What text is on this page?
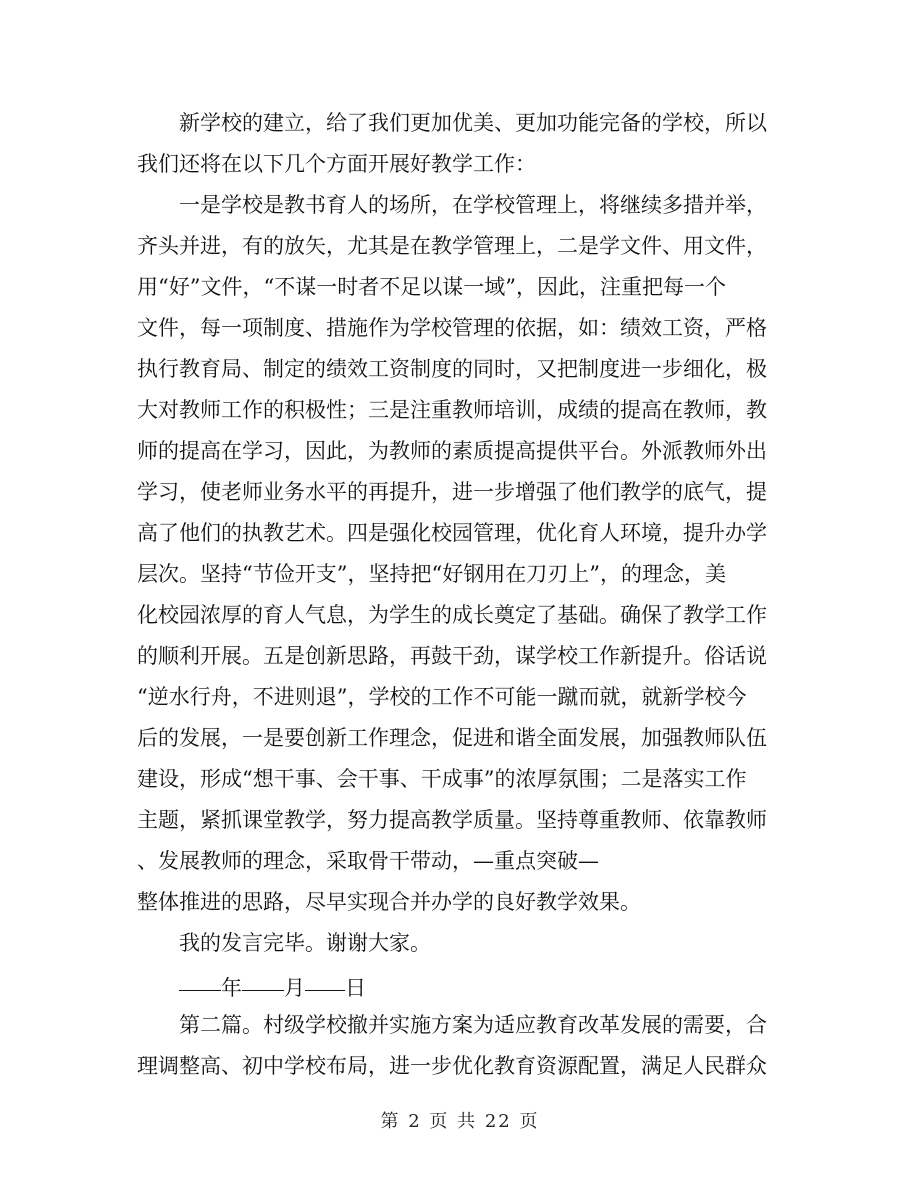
新学校的建立，给了我们更加优美、更加功能完备的学校，所以
我们还将在以下几个方面开展好教学工作：
一是学校是教书育人的场所，在学校管理上，将继续多措并举，
齐头并进，有的放矢，尤其是在教学管理上，二是学文件、用文件，
用“好”文件，“不谋一时者不足以谋一域”，因此，注重把每一个
文件，每一项制度、措施作为学校管理的依据，如：绩效工资，严格
执行教育局、制定的绩效工资制度的同时，又把制度进一步细化，极
大对教师工作的积极性；三是注重教师培训，成绩的提高在教师，教
师的提高在学习，因此，为教师的素质提高提供平台。外派教师外出
学习，使老师业务水平的再提升，进一步增强了他们教学的底气，提
高了他们的执教艺术。四是强化校园管理，优化育人环境，提升办学
层次。坚持“节俭开支”，坚持把“好钢用在刀刃上”，的理念，美
化校园浓厚的育人气息，为学生的成长奠定了基础。确保了教学工作
的顺利开展。五是创新思路，再鼓干劲，谋学校工作新提升。俗话说
“逆水行舟，不进则退”，学校的工作不可能一蹴而就，就新学校今
后的发展，一是要创新工作理念，促进和谐全面发展，加强教师队伍
建设，形成“想干事、会干事、干成事”的浓厚氛围；二是落实工作
主题，紧抓课堂教学，努力提高教学质量。坚持尊重教师、依靠教师
、发展教师的理念，采取骨干带动，—重点突破—
整体推进的思路，尽早实现合并办学的良好教学效果。
我的发言完毕。谢谢大家。
年 月 日
第二篇。村级学校撤并实施方案为适应教育改革发展的需要，合
理调整高、初中学校布局，进一步优化教育资源配置，满足人民群众
第 2 页 共 22 页
